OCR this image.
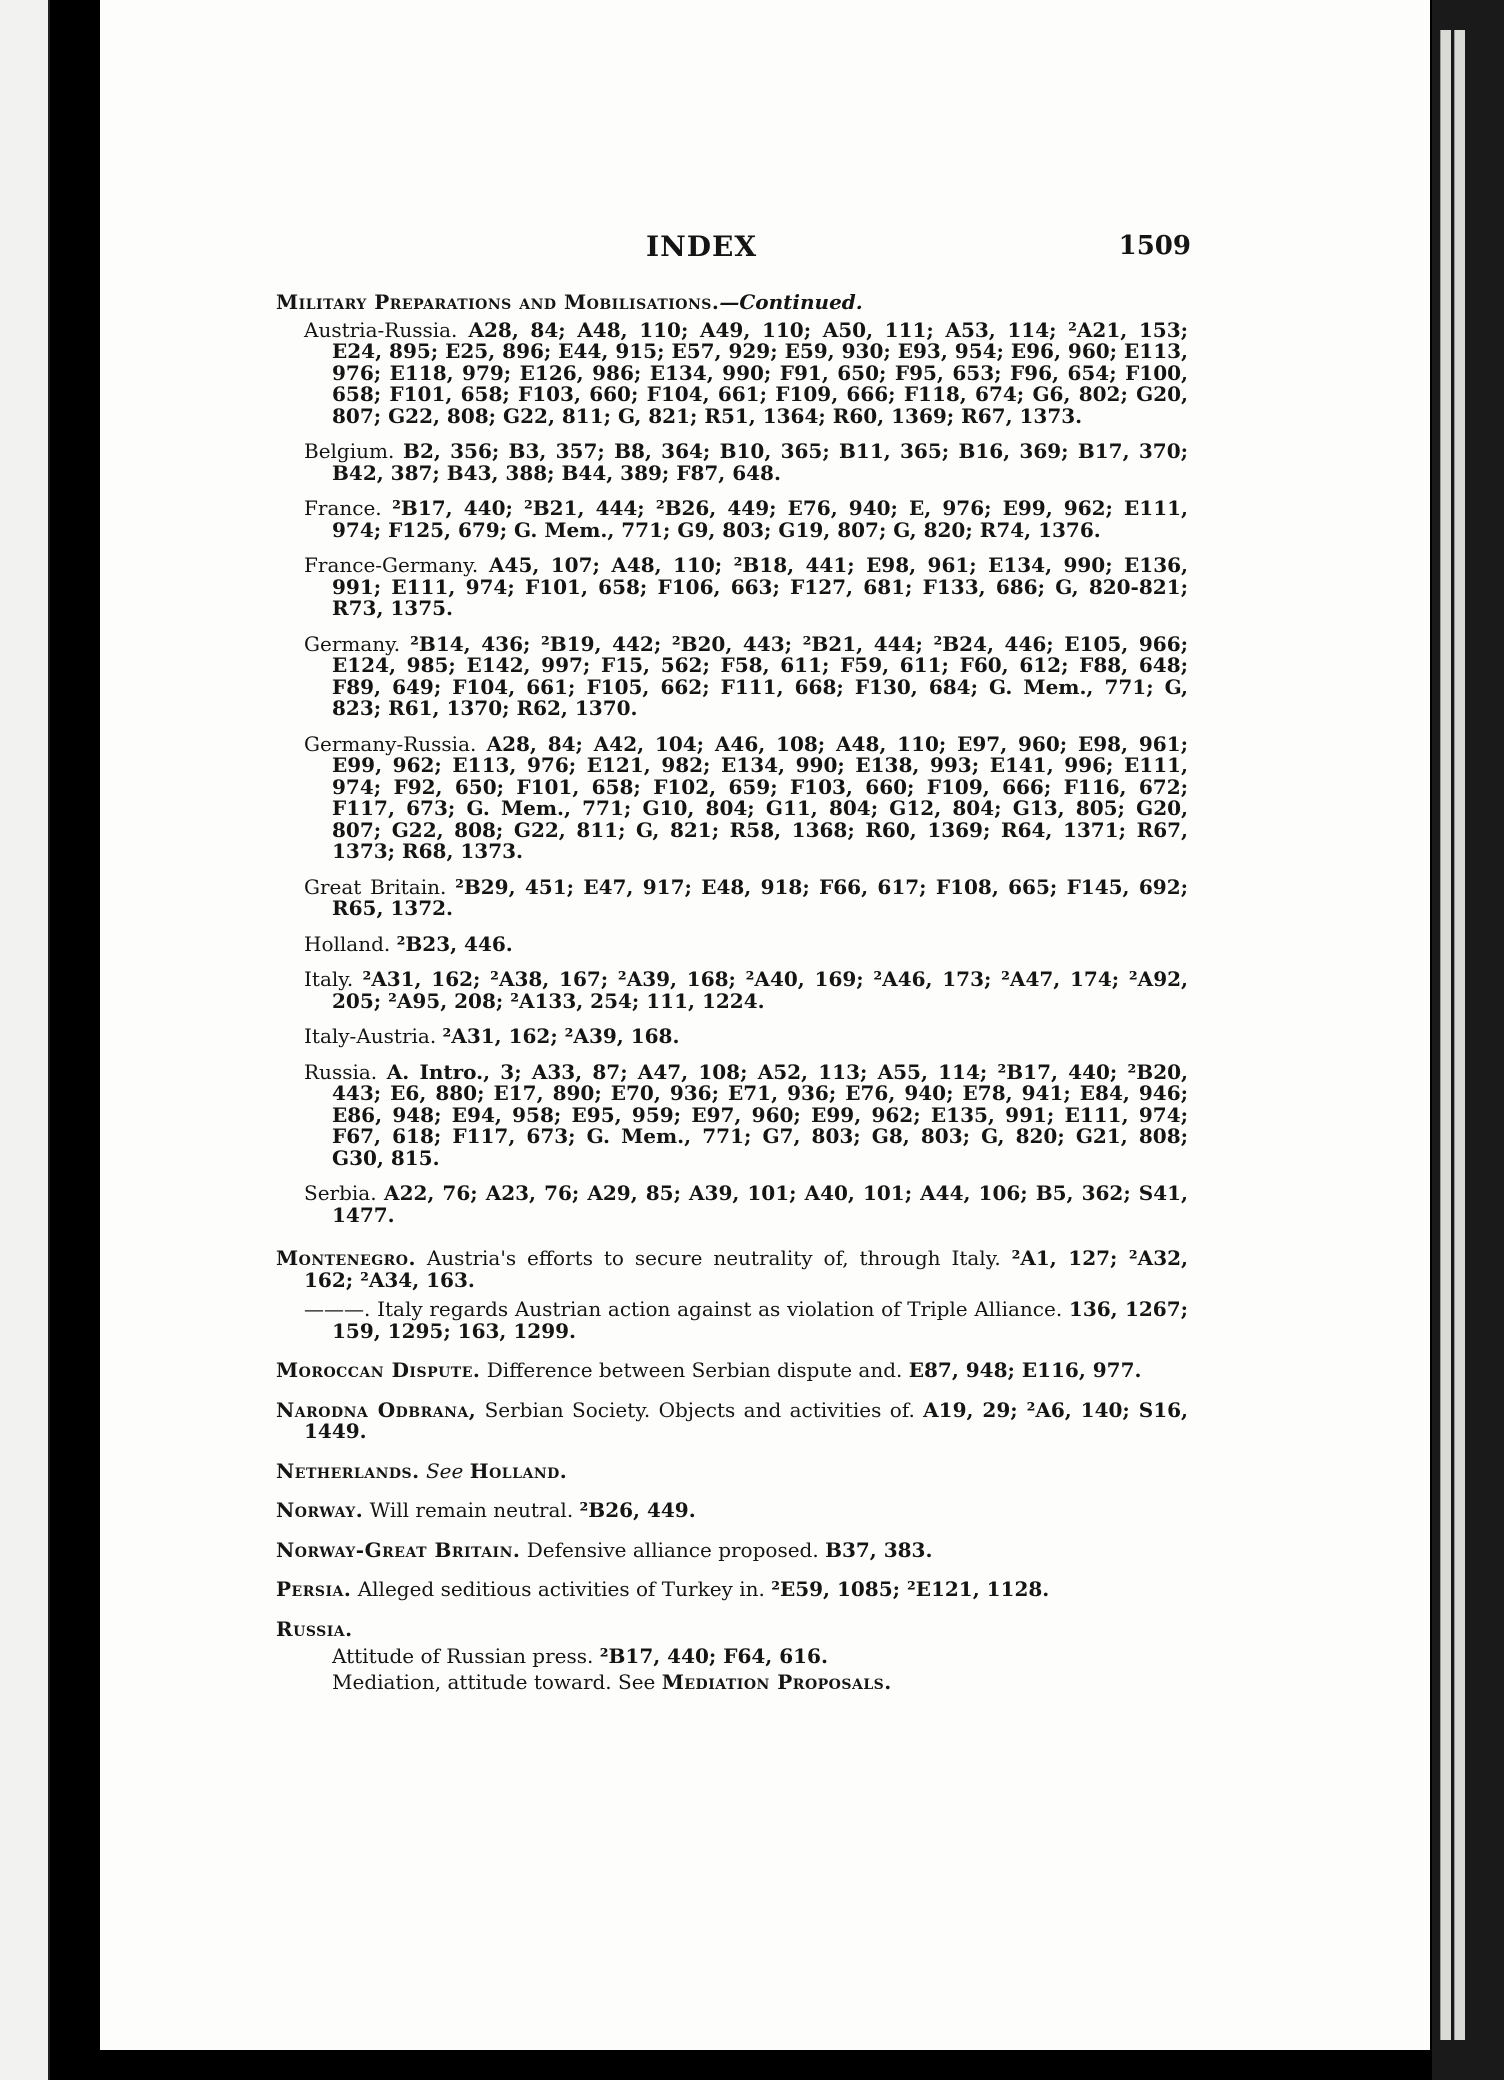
INDEX	1509
Military Preparations and Mobilisations.—Continued.
Austria-Russia. A28, 84; A48, 110; A49, 110; A50, 111; A53, 114; ²A21, 153; E24, 895; E25, 896; E44, 915; E57, 929; E59, 930; E93, 954; E96, 960; E113, 976; E118, 979; E126, 986; E134, 990; F91, 650; F95, 653; F96, 654; F100, 658; F101, 658; F103, 660; F104, 661; F109, 666; F118, 674; G6, 802; G20, 807; G22, 808; G22, 811; G, 821; R51, 1364; R60, 1369; R67, 1373.
Belgium. B2, 356; B3, 357; B8, 364; B10, 365; B11, 365; B16, 369; B17, 370; B42, 387; B43, 388; B44, 389; F87, 648.
France. ²B17, 440; ²B21, 444; ²B26, 449; E76, 940; E, 976; E99, 962; E111, 974; F125, 679; G. Mem., 771; G9, 803; G19, 807; G, 820; R74, 1376.
France-Germany. A45, 107; A48, 110; ²B18, 441; E98, 961; E134, 990; E136, 991; E111, 974; F101, 658; F106, 663; F127, 681; F133, 686; G, 820-821; R73, 1375.
Germany. ²B14, 436; ²B19, 442; ²B20, 443; ²B21, 444; ²B24, 446; E105, 966; E124, 985; E142, 997; F15, 562; F58, 611; F59, 611; F60, 612; F88, 648; F89, 649; F104, 661; F105, 662; F111, 668; F130, 684; G. Mem., 771; G, 823; R61, 1370; R62, 1370.
Germany-Russia. A28, 84; A42, 104; A46, 108; A48, 110; E97, 960; E98, 961; E99, 962; E113, 976; E121, 982; E134, 990; E138, 993; E141, 996; E111, 974; F92, 650; F101, 658; F102, 659; F103, 660; F109, 666; F116, 672; F117, 673; G. Mem., 771; G10, 804; G11, 804; G12, 804; G13, 805; G20, 807; G22, 808; G22, 811; G, 821; R58, 1368; R60, 1369; R64, 1371; R67, 1373; R68, 1373.
Great Britain. ²B29, 451; E47, 917; E48, 918; F66, 617; F108, 665; F145, 692; R65, 1372.
Holland. ²B23, 446.
Italy. ²A31, 162; ²A38, 167; ²A39, 168; ²A40, 169; ²A46, 173; ²A47, 174; ²A92, 205; ²A95, 208; ²A133, 254; 111, 1224.
Italy-Austria. ²A31, 162; ²A39, 168.
Russia. A. Intro., 3; A33, 87; A47, 108; A52, 113; A55, 114; ²B17, 440; ²B20, 443; E6, 880; E17, 890; E70, 936; E71, 936; E76, 940; E78, 941; E84, 946; E86, 948; E94, 958; E95, 959; E97, 960; E99, 962; E135, 991; E111, 974; F67, 618; F117, 673; G. Mem., 771; G7, 803; G8, 803; G, 820; G21, 808; G30, 815.
Serbia. A22, 76; A23, 76; A29, 85; A39, 101; A40, 101; A44, 106; B5, 362; S41, 1477.
Montenegro. Austria's efforts to secure neutrality of, through Italy. ²A1, 127; ²A32, 162; ²A34, 163.
———. Italy regards Austrian action against as violation of Triple Alliance. 136, 1267; 159, 1295; 163, 1299.
Moroccan Dispute. Difference between Serbian dispute and. E87, 948; E116, 977.
Narodna Odbrana, Serbian Society. Objects and activities of. A19, 29; ²A6, 140; S16, 1449.
Netherlands. See Holland.
Norway. Will remain neutral. ²B26, 449.
Norway-Great Britain. Defensive alliance proposed. B37, 383.
Persia. Alleged seditious activities of Turkey in. ²E59, 1085; ²E121, 1128.
Russia.
Attitude of Russian press. ²B17, 440; F64, 616.
Mediation, attitude toward. See Mediation Proposals.
